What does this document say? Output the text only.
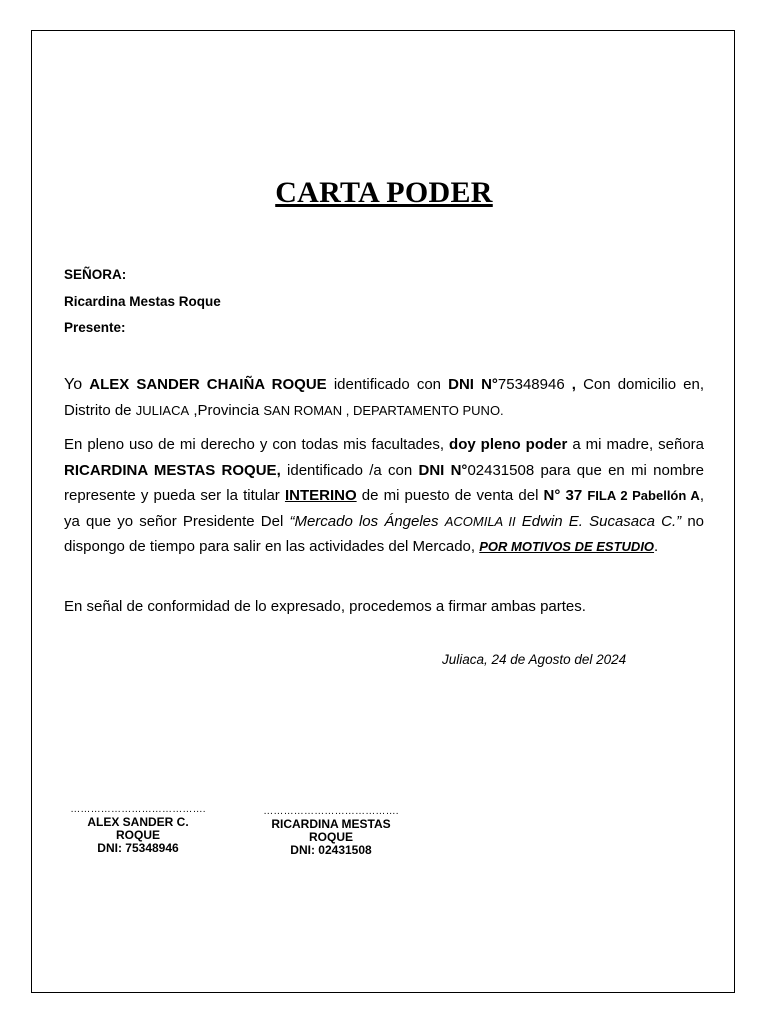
CARTA PODER
SEÑORA:
Ricardina Mestas Roque
Presente:

Yo ALEX SANDER CHAIÑA ROQUE identificado con DNI N°75348946 , Con domicilio en, Distrito de JULIACA ,Provincia SAN ROMAN , DEPARTAMENTO PUNO.

En pleno uso de mi derecho y con todas mis facultades, doy pleno poder a mi madre, señora RICARDINA MESTAS ROQUE, identificado /a con DNI N°02431508 para que en mi nombre represente y pueda ser la titular INTERINO de mi puesto de venta del N° 37 FILA 2 Pabellón A, ya que yo señor Presidente Del “Mercado los Ángeles ACOMILA II Edwin E. Sucasaca C.” no dispongo de tiempo para salir en las actividades del Mercado, POR MOTIVOS DE ESTUDIO.

En señal de conformidad de lo expresado, procedemos a firmar ambas partes.

Juliaca, 24 de Agosto del 2024
………………………………….
ALEX SANDER C. ROQUE
DNI: 75348946
………………………………….
RICARDINA MESTAS ROQUE
DNI: 02431508
